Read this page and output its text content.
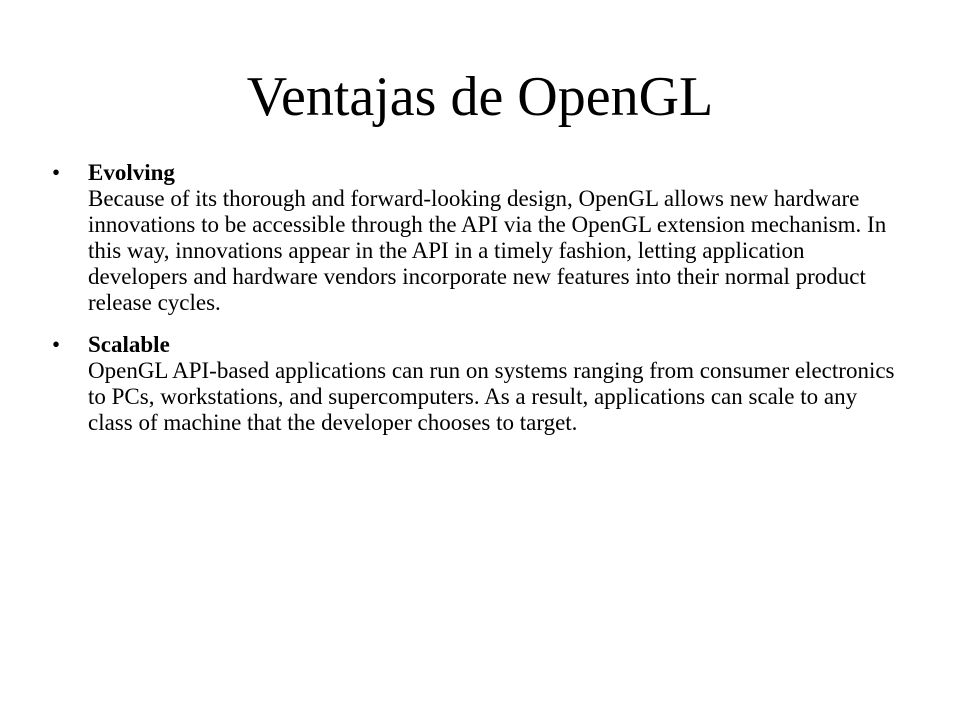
Ventajas de OpenGL
•	Evolving
Because of its thorough and forward-looking design, OpenGL allows new hardware innovations to be accessible through the API via the OpenGL extension mechanism. In this way, innovations appear in the API in a timely fashion, letting application developers and hardware vendors incorporate new features into their normal product release cycles.
•	Scalable
OpenGL API-based applications can run on systems ranging from consumer electronics to PCs, workstations, and supercomputers. As a result, applications can scale to any class of machine that the developer chooses to target.
